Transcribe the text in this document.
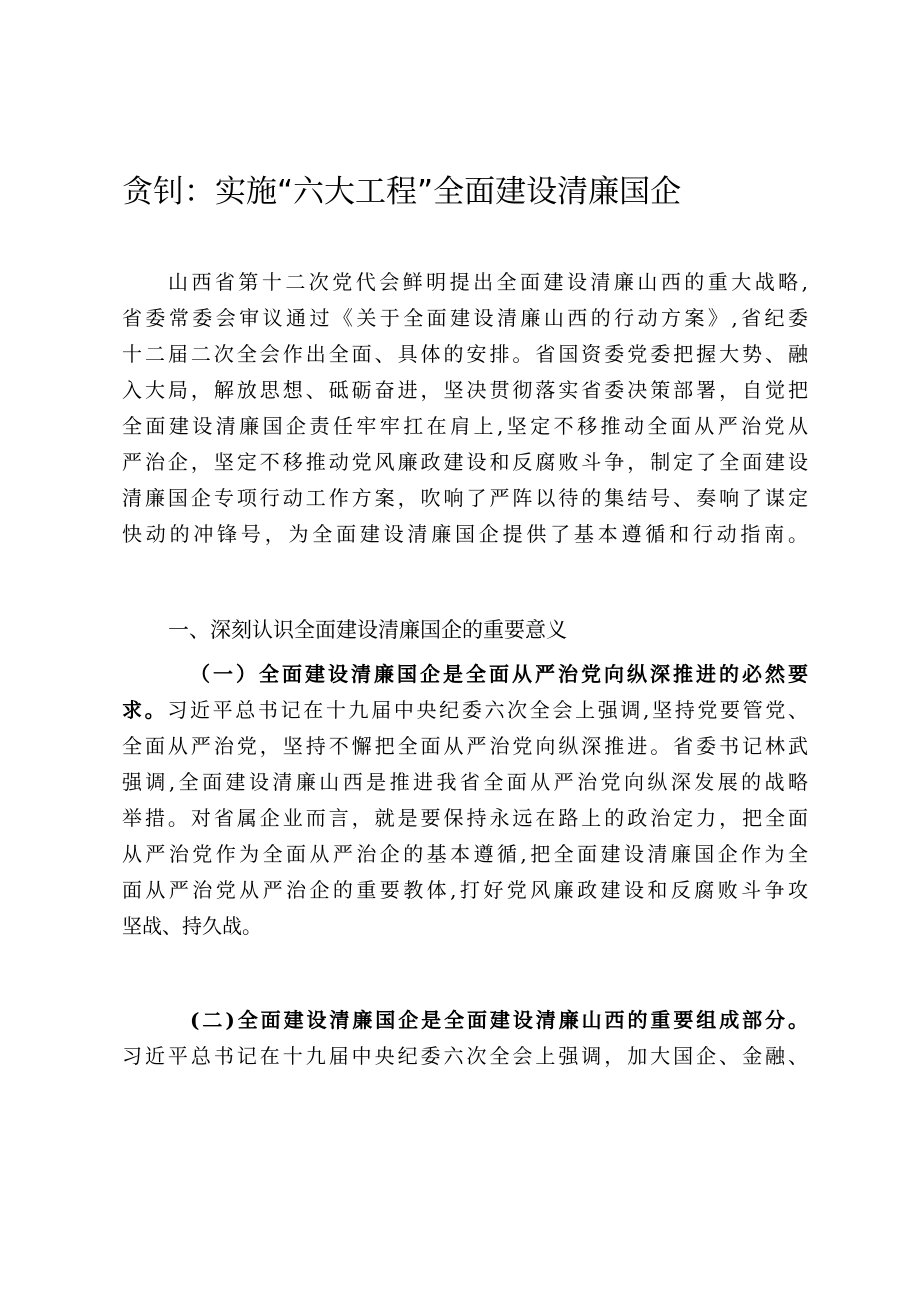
贪钊：实施“六大工程”全面建设清廉国企
山西省第十二次党代会鲜明提出全面建设清廉山西的重大战略,
省委常委会审议通过《关于全面建设清廉山西的行动方案》,省纪委
十二届二次全会作出全面、具体的安排。省国资委党委把握大势、融
入大局，解放思想、砥砺奋进，坚决贯彻落实省委决策部署，自觉把
全面建设清廉国企责任牢牢扛在肩上,坚定不移推动全面从严治党从
严治企，坚定不移推动党风廉政建设和反腐败斗争，制定了全面建设
清廉国企专项行动工作方案，吹响了严阵以待的集结号、奏响了谋定
快动的冲锋号，为全面建设清廉国企提供了基本遵循和行动指南。
一、深刻认识全面建设清廉国企的重要意义
（一）全面建设清廉国企是全面从严治党向纵深推进的必然要
求。习近平总书记在十九届中央纪委六次全会上强调,坚持党要管党、
全面从严治党，坚持不懈把全面从严治党向纵深推进。省委书记林武
强调,全面建设清廉山西是推进我省全面从严治党向纵深发展的战略
举措。对省属企业而言，就是要保持永远在路上的政治定力，把全面
从严治党作为全面从严治企的基本遵循,把全面建设清廉国企作为全
面从严治党从严治企的重要教体,打好党风廉政建设和反腐败斗争攻
坚战、持久战。
(二)全面建设清廉国企是全面建设清廉山西的重要组成部分。
习近平总书记在十九届中央纪委六次全会上强调，加大国企、金融、
